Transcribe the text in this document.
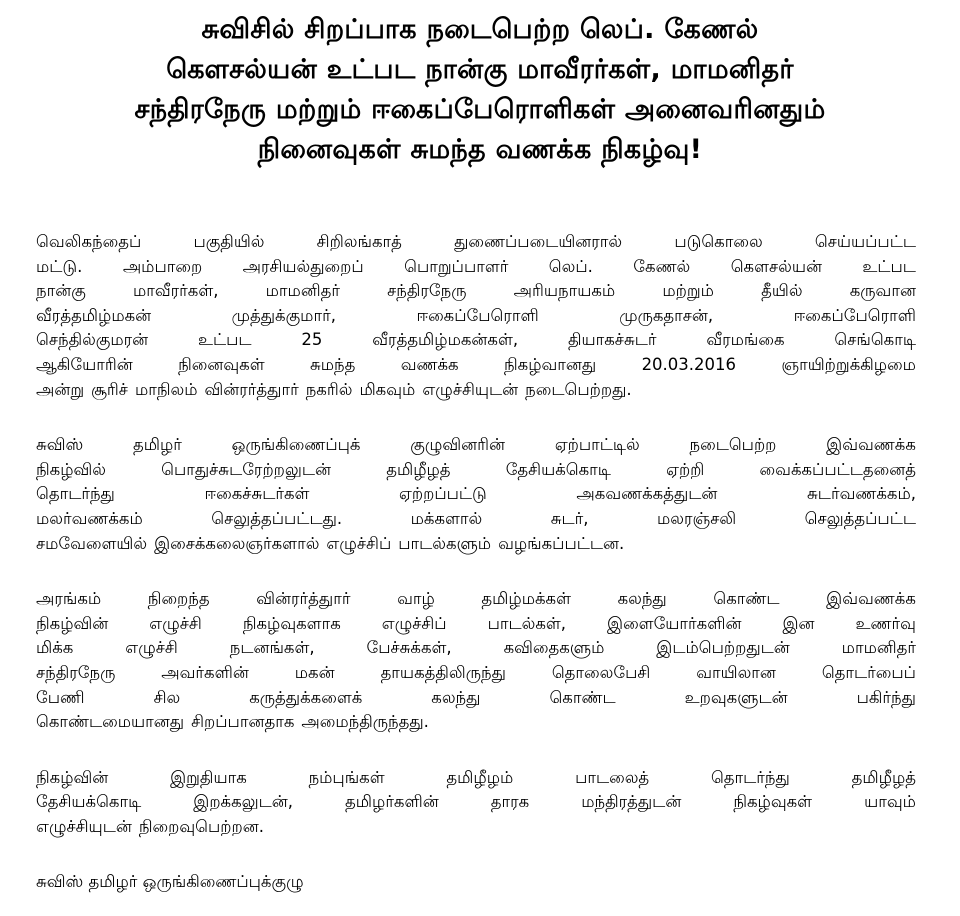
சுவிசில் சிறப்பாக நடைபெற்ற லெப். கேணல்
கௌசல்யன் உட்பட நான்கு மாவீரர்கள், மாமனிதர்
சந்திரநேரு மற்றும் ஈகைப்பேரொளிகள் அனைவரினதும்
நினைவுகள் சுமந்த வணக்க நிகழ்வு!
வெலிகந்தைப்	பகுதியில்	சிறிலங்காத்	துணைப்படையினரால்	படுகொலை	செய்யப்பட்ட
மட்டு. அம்பாறை அரசியல்துறைப் பொறுப்பாளர் லெப். கேணல் கௌசல்யன் உட்பட
நான்கு	மாவீரர்கள்,	மாமனிதர்	சந்திரநேரு	அரியநாயகம்	மற்றும்	தீயில்	கருவான
வீரத்தமிழ்மகன்	முத்துக்குமார்,	ஈகைப்பேரொளி	முருகதாசன்,	ஈகைப்பேரொளி
செந்தில்குமரன்	உட்பட	25	வீரத்தமிழ்மகன்கள்,	தியாகச்சுடர்	வீரமங்கை	செங்கொடி
ஆகியோரின்	நினைவுகள்	சுமந்த	வணக்க	நிகழ்வானது	20.03.2016	ஞாயிற்றுக்கிழமை
அன்று சூரிச் மாநிலம் வின்ரர்த்துார் நகரில் மிகவும் எழுச்சியுடன் நடைபெற்றது.
சுவிஸ்	தமிழர்	ஒருங்கிணைப்புக்	குழுவினரின்	ஏற்பாட்டில்	நடைபெற்ற	இவ்வணக்க
நிகழ்வில்	பொதுச்சுடரேற்றலுடன்	தமிழீழத்	தேசியக்கொடி	ஏற்றி	வைக்கப்பட்டதனைத்
தொடர்ந்து	ஈகைச்சுடர்கள்	ஏற்றப்பட்டு	அகவணக்கத்துடன்	சுடர்வணக்கம்,
மலர்வணக்கம்	செலுத்தப்பட்டது.	மக்களால்	சுடர்,	மலரஞ்சலி	செலுத்தப்பட்ட
சமவேளையில் இசைக்கலைஞர்களால் எழுச்சிப் பாடல்களும் வழங்கப்பட்டன.
அரங்கம்	நிறைந்த	வின்ரர்த்துார்	வாழ்	தமிழ்மக்கள்	கலந்து	கொண்ட	இவ்வணக்க
நிகழ்வின் எழுச்சி நிகழ்வுகளாக எழுச்சிப் பாடல்கள், இளையோர்களின் இன உணர்வு
மிக்க	எழுச்சி	நடனங்கள்,	பேச்சுக்கள்,	கவிதைகளும்	இடம்பெற்றதுடன்	மாமனிதர்
சந்திரநேரு	அவர்களின்	மகன்	தாயகத்திலிருந்து	தொலைபேசி	வாயிலான	தொடர்பைப்
பேணி	சில	கருத்துக்களைக்	கலந்து	கொண்ட	உறவுகளுடன்	பகிர்ந்து
கொண்டமையானது சிறப்பானதாக அமைந்திருந்தது.
நிகழ்வின்	இறுதியாக	நம்புங்கள்	தமிழீழம்	பாடலைத்	தொடர்ந்து	தமிழீழத்
தேசியக்கொடி	இறக்கலுடன்,	தமிழர்களின்	தாரக	மந்திரத்துடன்	நிகழ்வுகள்	யாவும்
எழுச்சியுடன் நிறைவுபெற்றன.
சுவிஸ் தமிழர் ஒருங்கிணைப்புக்குழு
